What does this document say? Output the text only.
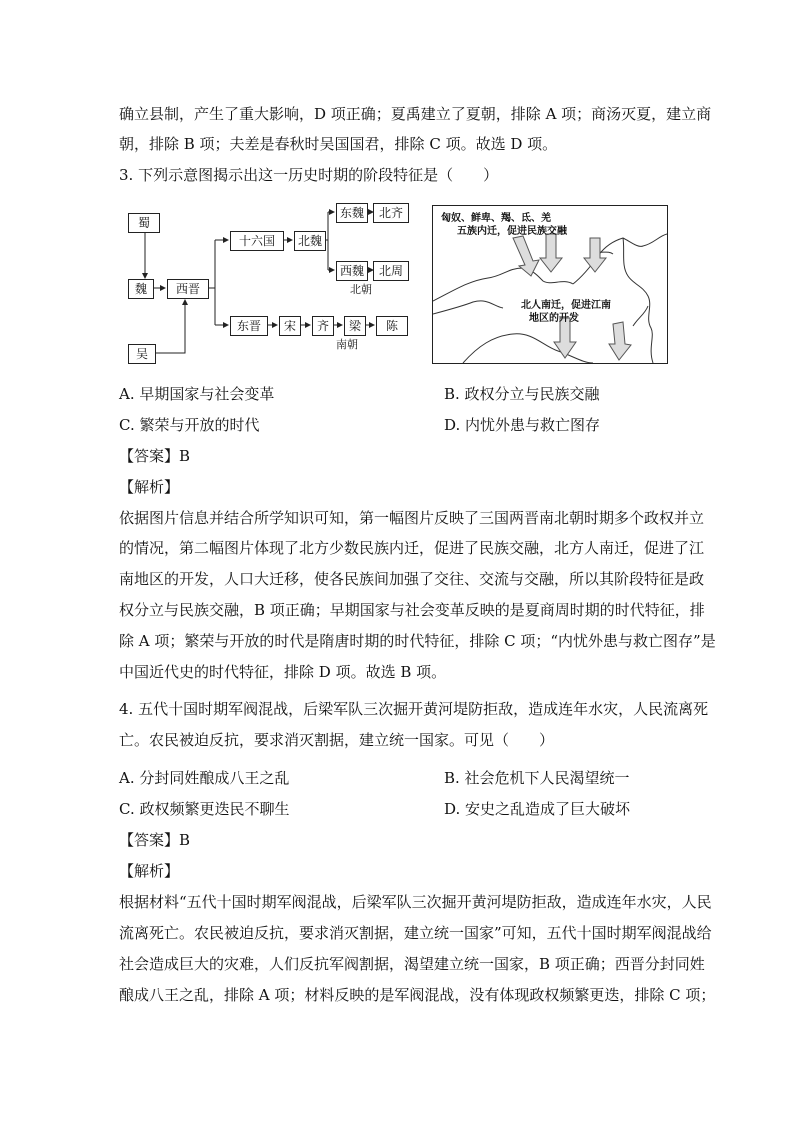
确立县制，产生了重大影响，D 项正确；夏禹建立了夏朝，排除 A 项；商汤灭夏，建立商
朝，排除 B 项；夫差是春秋时吴国国君，排除 C 项。故选 D 项。
3. 下列示意图揭示出这一历史时期的阶段特征是（　　）
蜀
魏
吴
西晋
十六国	北魏
东魏	北齐
西魏	北周
北朝
东晋	宋	齐	梁	陈
南朝
匈奴、鲜卑、羯、氐、羌
五族内迁，促进民族交融
北人南迁，促进江南
地区的开发
A. 早期国家与社会变革	B. 政权分立与民族交融
C. 繁荣与开放的时代	D. 内忧外患与救亡图存
【答案】B
【解析】
依据图片信息并结合所学知识可知，第一幅图片反映了三国两晋南北朝时期多个政权并立
的情况，第二幅图片体现了北方少数民族内迁，促进了民族交融，北方人南迁，促进了江
南地区的开发，人口大迁移，使各民族间加强了交往、交流与交融，所以其阶段特征是政
权分立与民族交融，B 项正确；早期国家与社会变革反映的是夏商周时期的时代特征，排
除 A 项；繁荣与开放的时代是隋唐时期的时代特征，排除 C 项；“内忧外患与救亡图存”是
中国近代史的时代特征，排除 D 项。故选 B 项。
4. 五代十国时期军阀混战，后梁军队三次掘开黄河堤防拒敌，造成连年水灾，人民流离死
亡。农民被迫反抗，要求消灭割据，建立统一国家。可见（　　）
A. 分封同姓酿成八王之乱	B. 社会危机下人民渴望统一
C. 政权频繁更迭民不聊生	D. 安史之乱造成了巨大破坏
【答案】B
【解析】
根据材料“五代十国时期军阀混战，后梁军队三次掘开黄河堤防拒敌，造成连年水灾，人民
流离死亡。农民被迫反抗，要求消灭割据，建立统一国家”可知，五代十国时期军阀混战给
社会造成巨大的灾难，人们反抗军阀割据，渴望建立统一国家，B 项正确；西晋分封同姓
酿成八王之乱，排除 A 项；材料反映的是军阀混战，没有体现政权频繁更迭，排除 C 项；
